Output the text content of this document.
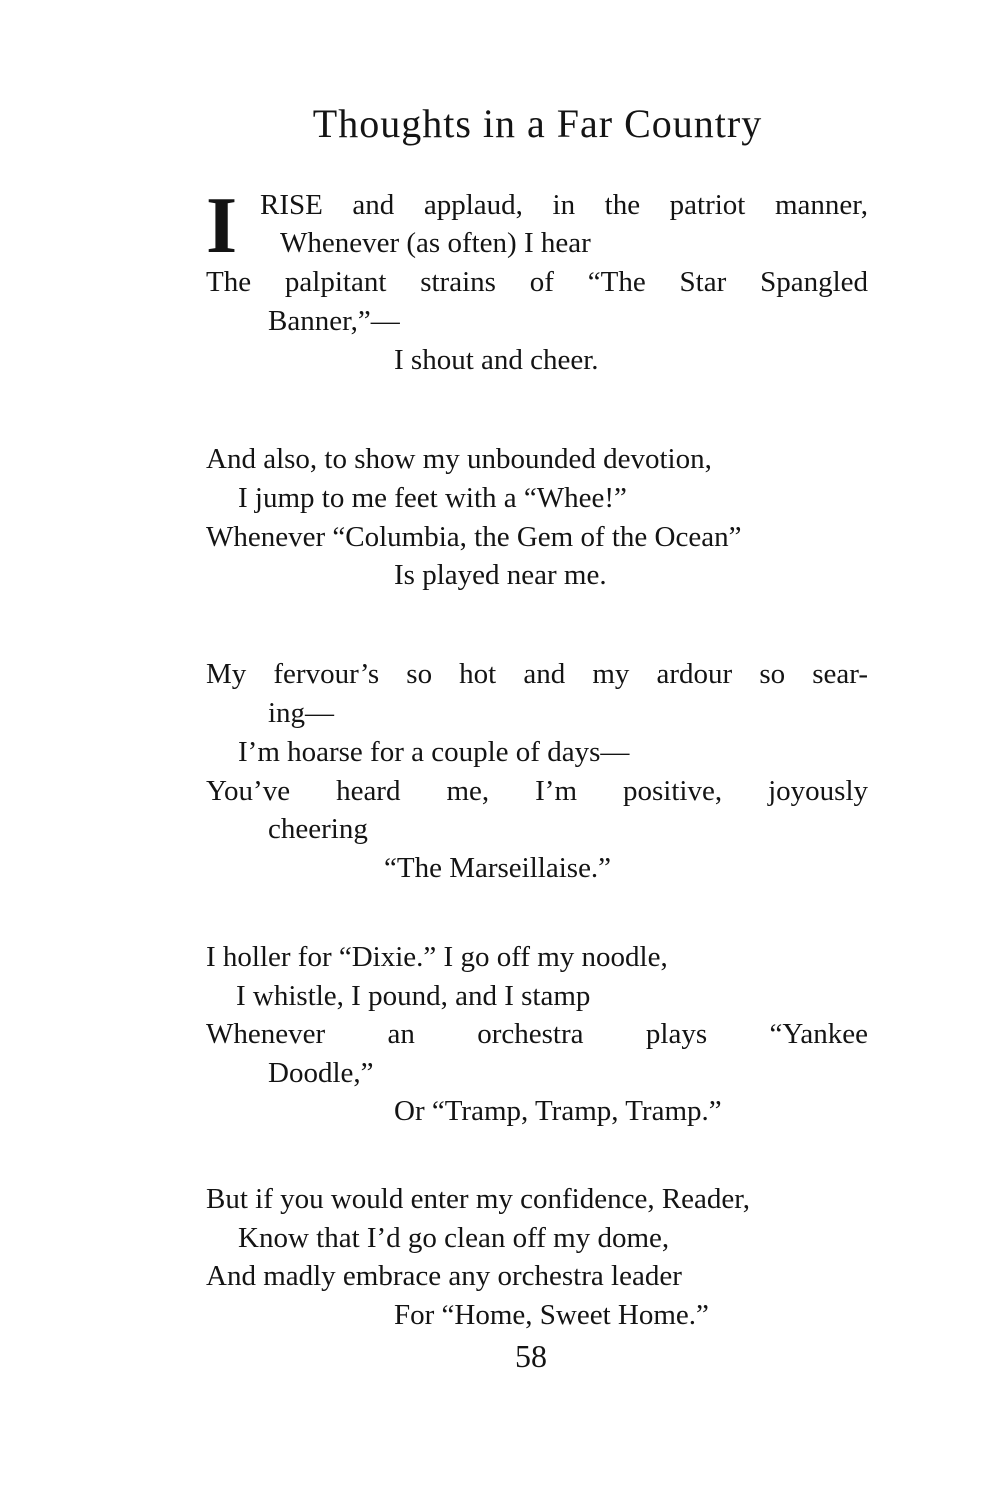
Thoughts in a Far Country
I RISE and applaud, in the patriot manner,
Whenever (as often) I hear
The palpitant strains of “The Star Spangled
Banner,”—
I shout and cheer.
And also, to show my unbounded devotion,
I jump to me feet with a “Whee!”
Whenever “Columbia, the Gem of the Ocean”
Is played near me.
My fervour’s so hot and my ardour so sear-
ing—
I’m hoarse for a couple of days—
You’ve heard me, I’m positive, joyously
cheering
“The Marseillaise.”
I holler for “Dixie.” I go off my noodle,
I whistle, I pound, and I stamp
Whenever an orchestra plays “Yankee
Doodle,”
Or “Tramp, Tramp, Tramp.”
But if you would enter my confidence, Reader,
Know that I’d go clean off my dome,
And madly embrace any orchestra leader
For “Home, Sweet Home.”
58
